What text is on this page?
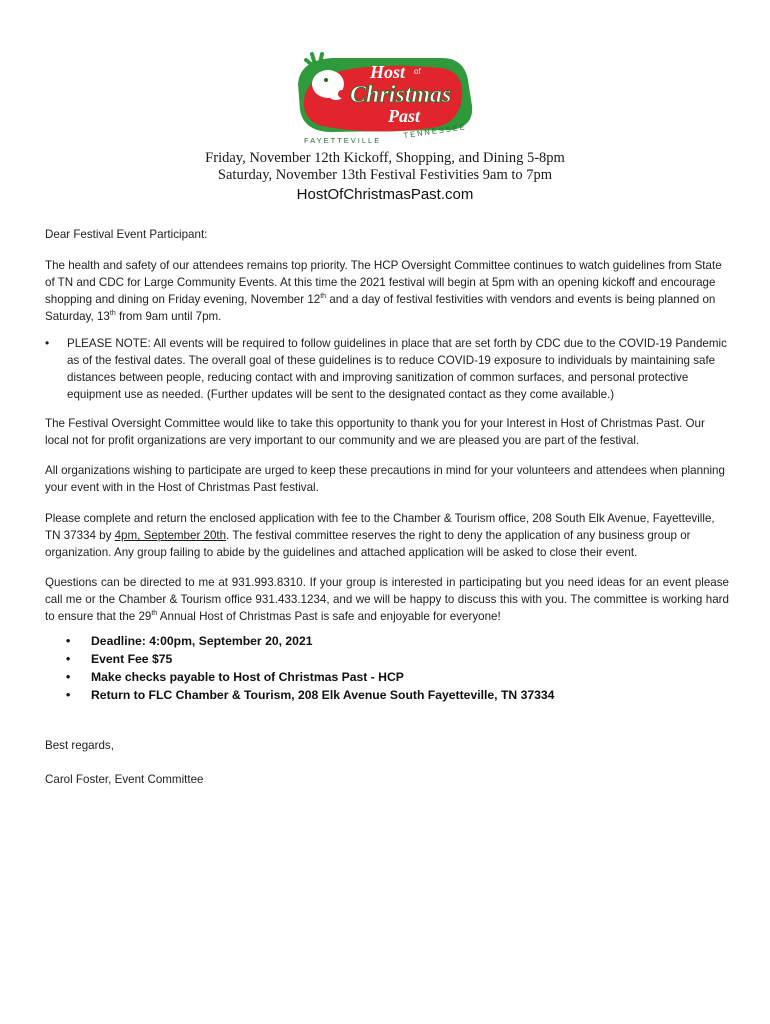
Host of
Christmas
Past
FAYETTEVILLE
TENNESSEE
Friday, November 12th Kickoff, Shopping, and Dining 5-8pm
Saturday, November 13th Festival Festivities 9am to 7pm
HostOfChristmasPast.com

Dear Festival Event Participant:

The health and safety of our attendees remains top priority. The HCP Oversight Committee continues to watch guidelines from State of TN and CDC for Large Community Events. At this time the 2021 festival will begin at 5pm with an opening kickoff and encourage shopping and dining on Friday evening, November 12th and a day of festival festivities with vendors and events is being planned on Saturday, 13th from 9am until 7pm.

•	PLEASE NOTE: All events will be required to follow guidelines in place that are set forth by CDC due to the COVID-19 Pandemic as of the festival dates. The overall goal of these guidelines is to reduce COVID-19 exposure to individuals by maintaining safe distances between people, reducing contact with and improving sanitization of common surfaces, and personal protective equipment use as needed. (Further updates will be sent to the designated contact as they come available.)

The Festival Oversight Committee would like to take this opportunity to thank you for your Interest in Host of Christmas Past. Our local not for profit organizations are very important to our community and we are pleased you are part of the festival.

All organizations wishing to participate are urged to keep these precautions in mind for your volunteers and attendees when planning your event with in the Host of Christmas Past festival.

Please complete and return the enclosed application with fee to the Chamber & Tourism office, 208 South Elk Avenue, Fayetteville, TN 37334 by 4pm, September 20th. The festival committee reserves the right to deny the application of any business group or organization. Any group failing to abide by the guidelines and attached application will be asked to close their event.

Questions can be directed to me at 931.993.8310. If your group is interested in participating but you need ideas for an event please call me or the Chamber & Tourism office 931.433.1234, and we will be happy to discuss this with you. The committee is working hard to ensure that the 29th Annual Host of Christmas Past is safe and enjoyable for everyone!

•	Deadline: 4:00pm, September 20, 2021
•	Event Fee $75
•	Make checks payable to Host of Christmas Past - HCP
•	Return to FLC Chamber & Tourism, 208 Elk Avenue South Fayetteville, TN 37334

Best regards,

Carol Foster, Event Committee
